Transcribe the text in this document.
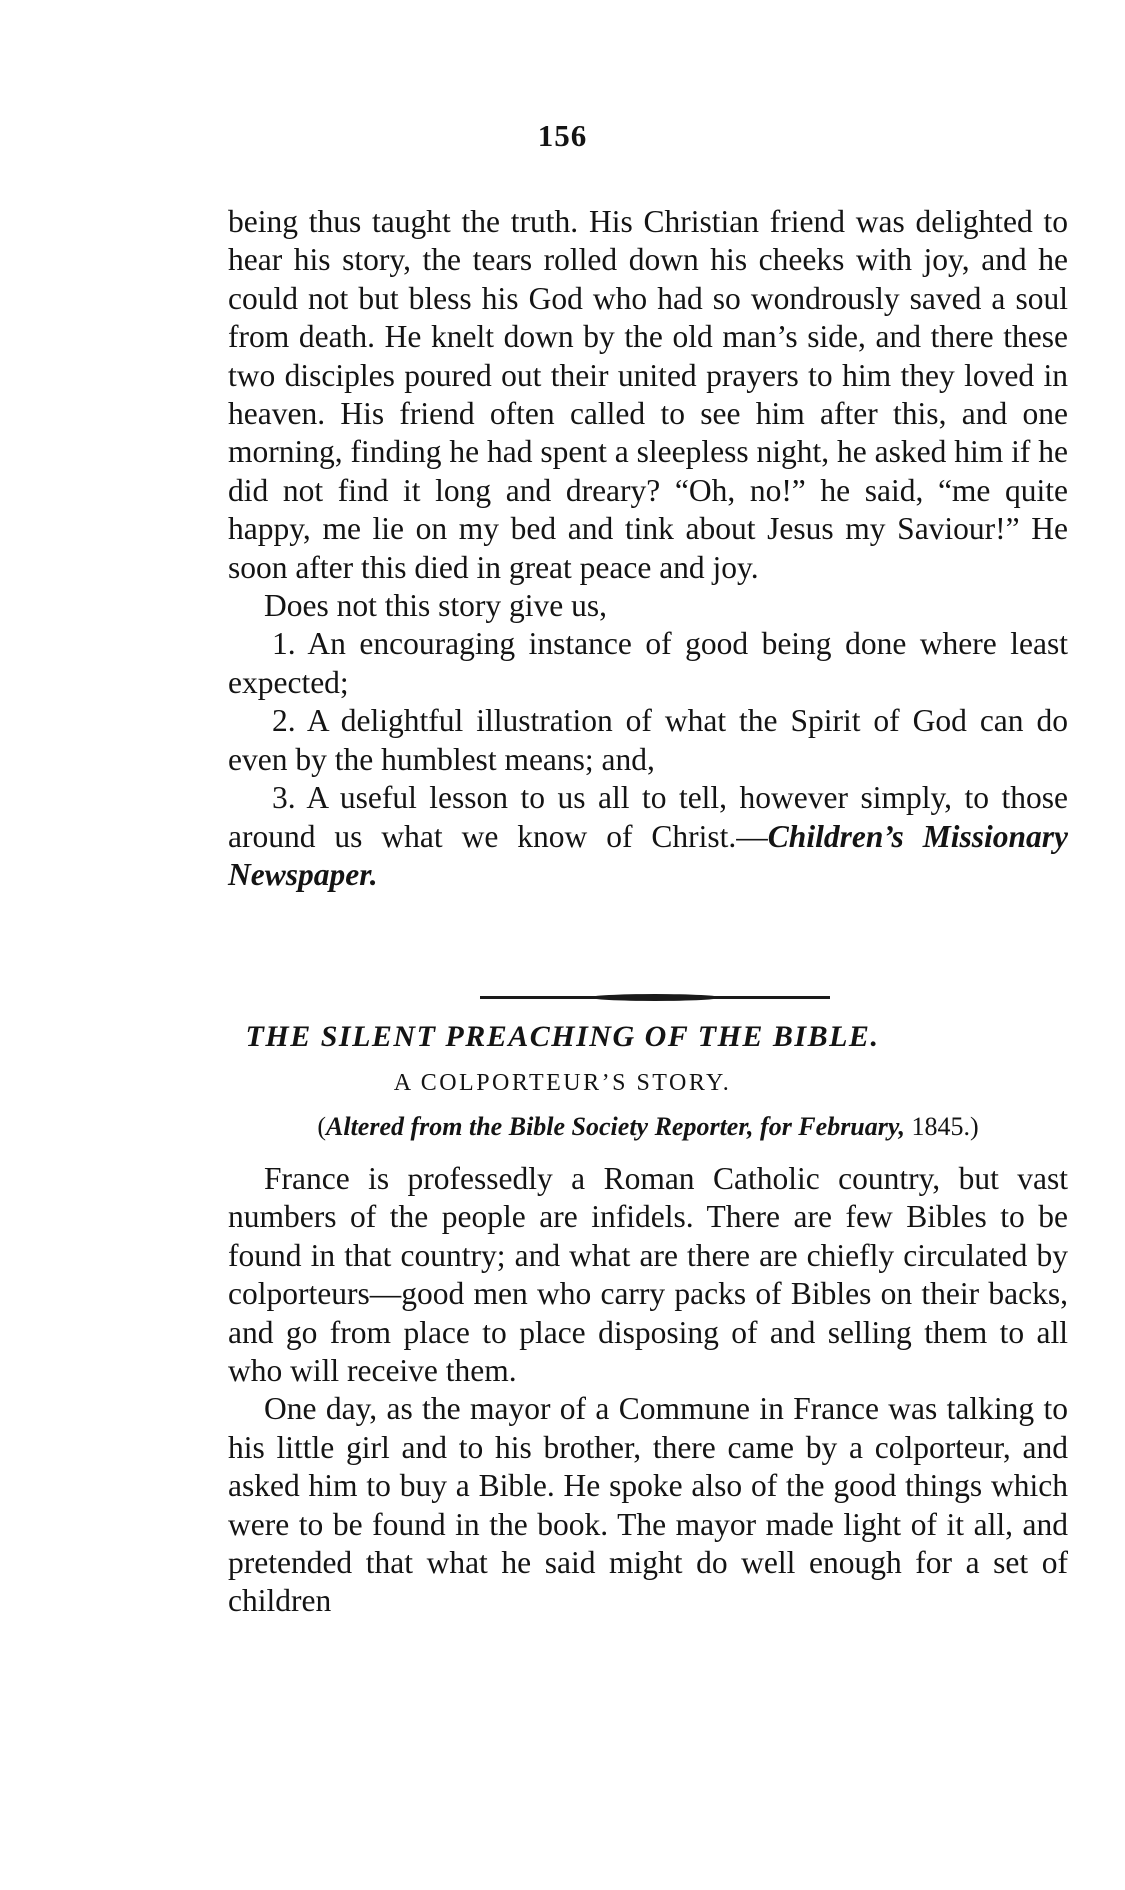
156

being thus taught the truth. His Christian friend was delighted to hear his story, the tears rolled down his cheeks with joy, and he could not but bless his God who had so wondrously saved a soul from death. He knelt down by the old man’s side, and there these two disciples poured out their united prayers to him they loved in heaven. His friend often called to see him after this, and one morning, finding he had spent a sleepless night, he asked him if he did not find it long and dreary? “Oh, no!” he said, “me quite happy, me lie on my bed and tink about Jesus my Saviour!” He soon after this died in great peace and joy.

Does not this story give us,

1. An encouraging instance of good being done where least expected;

2. A delightful illustration of what the Spirit of God can do even by the humblest means; and,

3. A useful lesson to us all to tell, however simply, to those around us what we know of Christ.—Children’s Missionary Newspaper.

THE SILENT PREACHING OF THE BIBLE.
A COLPORTEUR’S STORY.
(Altered from the Bible Society Reporter, for February, 1845.)

France is professedly a Roman Catholic country, but vast numbers of the people are infidels. There are few Bibles to be found in that country; and what are there are chiefly circulated by colporteurs—good men who carry packs of Bibles on their backs, and go from place to place disposing of and selling them to all who will receive them.

One day, as the mayor of a Commune in France was talking to his little girl and to his brother, there came by a colporteur, and asked him to buy a Bible. He spoke also of the good things which were to be found in the book. The mayor made light of it all, and pretended that what he said might do well enough for a set of children
